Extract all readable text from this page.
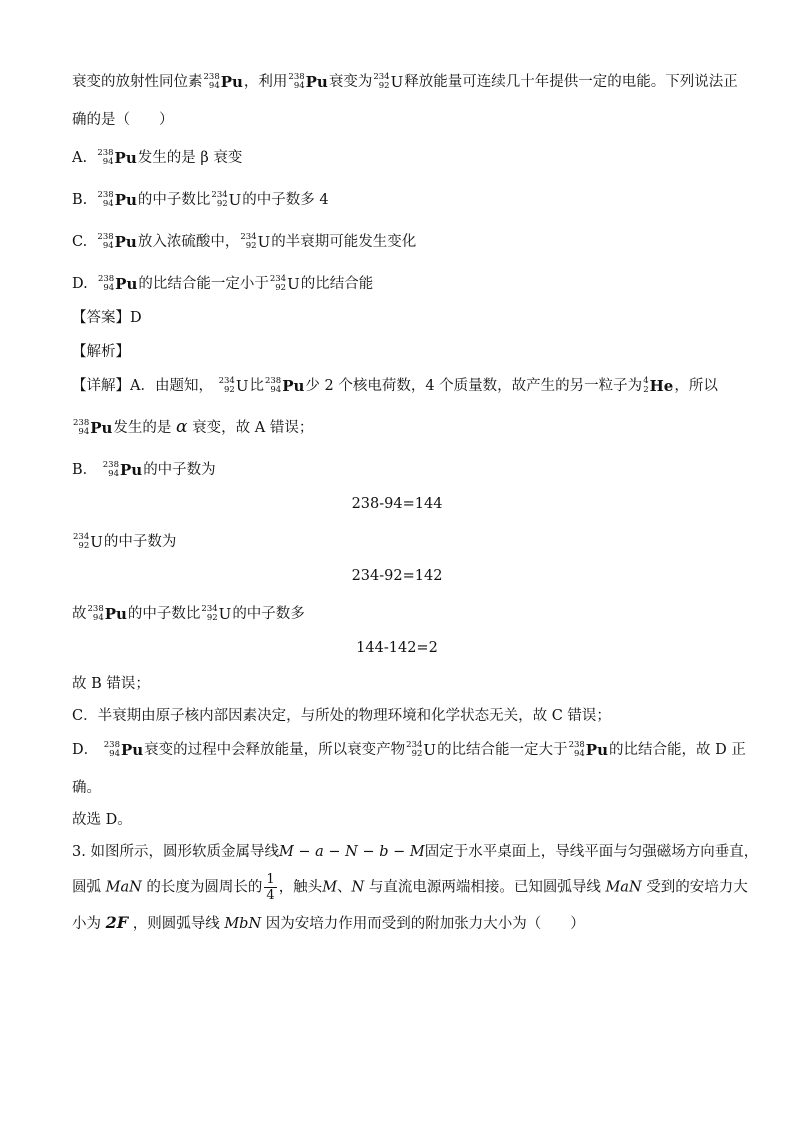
衰变的放射性同位素 238
94 Pu，利用 238
94 Pu衰变为 234
92 U释放能量可连续几十年提供一定的电能。下列说法正
确的是（　　）
A. 238
94 Pu发生的是 β 衰变
B. 238
94 Pu的中子数比 234
92 U的中子数多 4
C. 238
94 Pu放入浓硫酸中， 234
92 U的半衰期可能发生变化
D. 238
94 Pu的比结合能一定小于 234
92 U的比结合能
【答案】D
【解析】
【详解】A．由题知， 234
92 U比 238
94 Pu少 2 个核电荷数，4 个质量数，故产生的另一粒子为 4
2 He，所以
238
94 Pu发生的是 α 衰变，故 A 错误；
B． 238
94 Pu的中子数为
238-94=144
234
92 U的中子数为
234-92=142
故 238
94 Pu的中子数比 234
92 U的中子数多
144-142=2
故 B 错误；
C．半衰期由原子核内部因素决定，与所处的物理环境和化学状态无关，故 C 错误；
D． 238
94 Pu衰变的过程中会释放能量，所以衰变产物 234
92 U的比结合能一定大于 238
94 Pu的比结合能，故 D 正
确。
故选 D。
3. 如图所示，圆形软质金属导线M − a − N − b − M固定于水平桌面上，导线平面与匀强磁场方向垂直，
圆弧 MaN 的长度为圆周长的 $\frac{1}{4}$ ，触头M、N 与直流电源两端相接。已知圆弧导线 MaN 受到的安培力大
小为 2F ，则圆弧导线 MbN 因为安培力作用而受到的附加张力大小为（　　）
